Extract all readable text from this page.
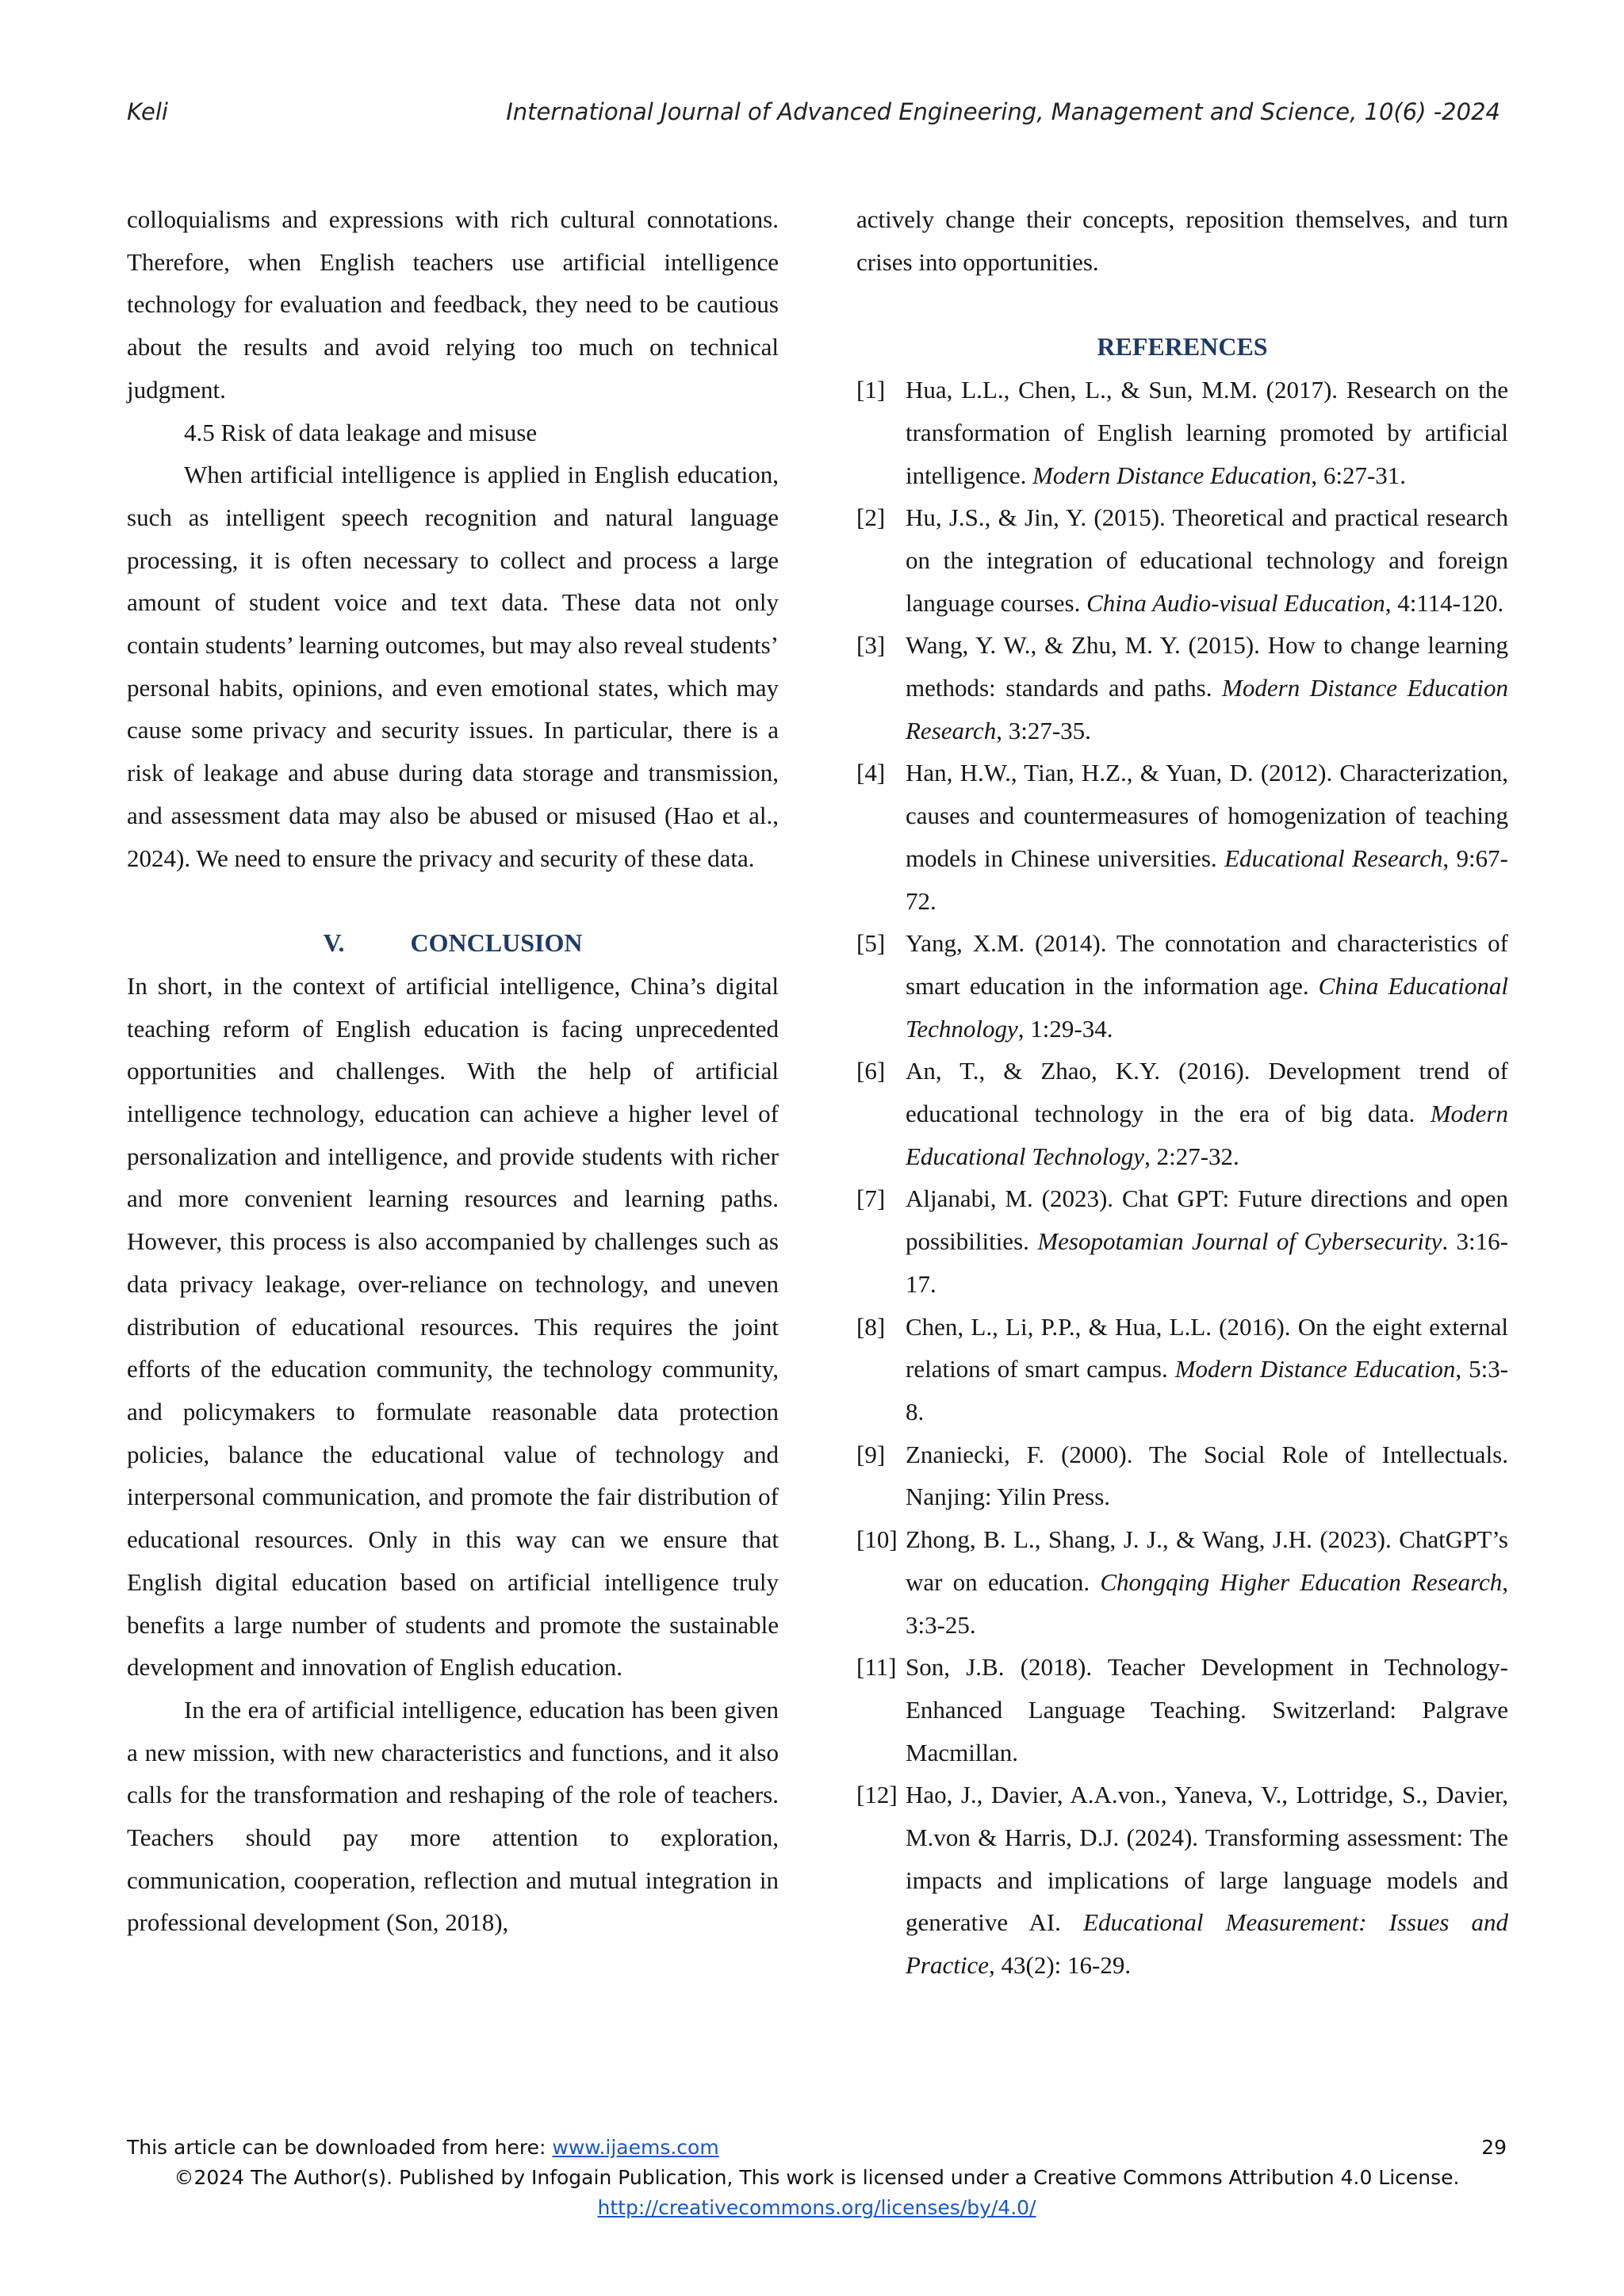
Keli	International Journal of Advanced Engineering, Management and Science, 10(6) -2024

colloquialisms and expressions with rich cultural connotations. Therefore, when English teachers use artificial intelligence technology for evaluation and feedback, they need to be cautious about the results and avoid relying too much on technical judgment.

4.5 Risk of data leakage and misuse

When artificial intelligence is applied in English education, such as intelligent speech recognition and natural language processing, it is often necessary to collect and process a large amount of student voice and text data. These data not only contain students’ learning outcomes, but may also reveal students’ personal habits, opinions, and even emotional states, which may cause some privacy and security issues. In particular, there is a risk of leakage and abuse during data storage and transmission, and assessment data may also be abused or misused (Hao et al., 2024). We need to ensure the privacy and security of these data.

V.	CONCLUSION

In short, in the context of artificial intelligence, China’s digital teaching reform of English education is facing unprecedented opportunities and challenges. With the help of artificial intelligence technology, education can achieve a higher level of personalization and intelligence, and provide students with richer and more convenient learning resources and learning paths. However, this process is also accompanied by challenges such as data privacy leakage, over-reliance on technology, and uneven distribution of educational resources. This requires the joint efforts of the education community, the technology community, and policymakers to formulate reasonable data protection policies, balance the educational value of technology and interpersonal communication, and promote the fair distribution of educational resources. Only in this way can we ensure that English digital education based on artificial intelligence truly benefits a large number of students and promote the sustainable development and innovation of English education.

In the era of artificial intelligence, education has been given a new mission, with new characteristics and functions, and it also calls for the transformation and reshaping of the role of teachers. Teachers should pay more attention to exploration, communication, cooperation, reflection and mutual integration in professional development (Son, 2018),

actively change their concepts, reposition themselves, and turn crises into opportunities.

REFERENCES

[1] Hua, L.L., Chen, L., & Sun, M.M. (2017). Research on the transformation of English learning promoted by artificial intelligence. Modern Distance Education, 6:27-31.
[2] Hu, J.S., & Jin, Y. (2015). Theoretical and practical research on the integration of educational technology and foreign language courses. China Audio-visual Education, 4:114-120.
[3] Wang, Y. W., & Zhu, M. Y. (2015). How to change learning methods: standards and paths. Modern Distance Education Research, 3:27-35.
[4] Han, H.W., Tian, H.Z., & Yuan, D. (2012). Characterization, causes and countermeasures of homogenization of teaching models in Chinese universities. Educational Research, 9:67-72.
[5] Yang, X.M. (2014). The connotation and characteristics of smart education in the information age. China Educational Technology, 1:29-34.
[6] An, T., & Zhao, K.Y. (2016). Development trend of educational technology in the era of big data. Modern Educational Technology, 2:27-32.
[7] Aljanabi, M. (2023). Chat GPT: Future directions and open possibilities. Mesopotamian Journal of Cybersecurity. 3:16-17.
[8] Chen, L., Li, P.P., & Hua, L.L. (2016). On the eight external relations of smart campus. Modern Distance Education, 5:3-8.
[9] Znaniecki, F. (2000). The Social Role of Intellectuals. Nanjing: Yilin Press.
[10] Zhong, B. L., Shang, J. J., & Wang, J.H. (2023). ChatGPT’s war on education. Chongqing Higher Education Research, 3:3-25.
[11] Son, J.B. (2018). Teacher Development in Technology-Enhanced Language Teaching. Switzerland: Palgrave Macmillan.
[12] Hao, J., Davier, A.A.von., Yaneva, V., Lottridge, S., Davier, M.von & Harris, D.J. (2024). Transforming assessment: The impacts and implications of large language models and generative AI. Educational Measurement: Issues and Practice, 43(2): 16-29.
This article can be downloaded from here: www.ijaems.com	29
©2024 The Author(s). Published by Infogain Publication, This work is licensed under a Creative Commons Attribution 4.0 License.
http://creativecommons.org/licenses/by/4.0/
